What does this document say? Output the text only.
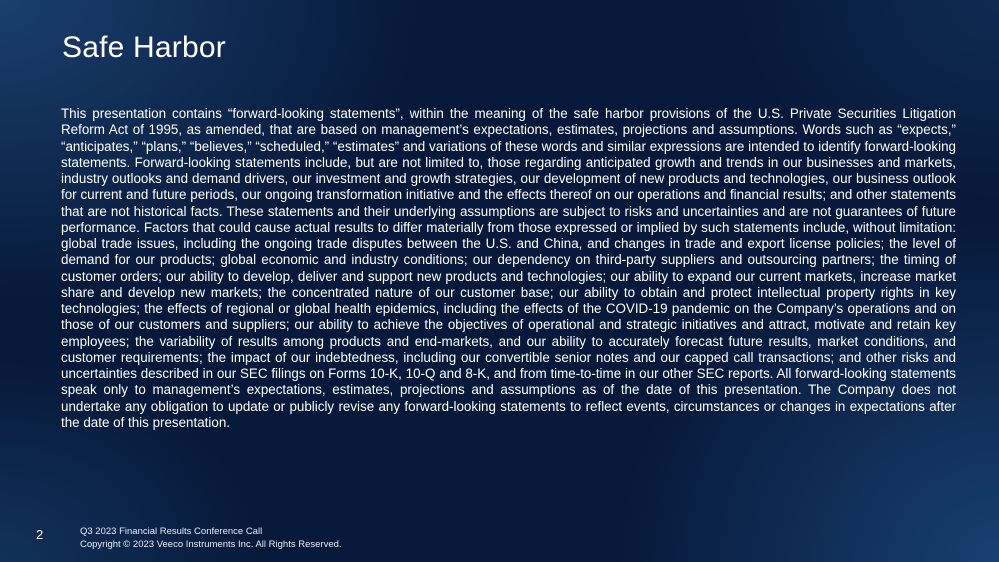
Safe Harbor

This presentation contains “forward-looking statements”, within the meaning of the safe harbor provisions of the U.S. Private Securities Litigation Reform Act of 1995, as amended, that are based on management’s expectations, estimates, projections and assumptions. Words such as “expects,” “anticipates,” “plans,” “believes,” “scheduled,” “estimates” and variations of these words and similar expressions are intended to identify forward-looking statements. Forward-looking statements include, but are not limited to, those regarding anticipated growth and trends in our businesses and markets, industry outlooks and demand drivers, our investment and growth strategies, our development of new products and technologies, our business outlook for current and future periods, our ongoing transformation initiative and the effects thereof on our operations and financial results; and other statements that are not historical facts. These statements and their underlying assumptions are subject to risks and uncertainties and are not guarantees of future performance. Factors that could cause actual results to differ materially from those expressed or implied by such statements include, without limitation: global trade issues, including the ongoing trade disputes between the U.S. and China, and changes in trade and export license policies; the level of demand for our products; global economic and industry conditions; our dependency on third-party suppliers and outsourcing partners; the timing of customer orders; our ability to develop, deliver and support new products and technologies; our ability to expand our current markets, increase market share and develop new markets; the concentrated nature of our customer base; our ability to obtain and protect intellectual property rights in key technologies; the effects of regional or global health epidemics, including the effects of the COVID-19 pandemic on the Company’s operations and on those of our customers and suppliers; our ability to achieve the objectives of operational and strategic initiatives and attract, motivate and retain key employees; the variability of results among products and end-markets, and our ability to accurately forecast future results, market conditions, and customer requirements; the impact of our indebtedness, including our convertible senior notes and our capped call transactions; and other risks and uncertainties described in our SEC filings on Forms 10-K, 10-Q and 8-K, and from time-to-time in our other SEC reports. All forward-looking statements speak only to management’s expectations, estimates, projections and assumptions as of the date of this presentation. The Company does not undertake any obligation to update or publicly revise any forward-looking statements to reflect events, circumstances or changes in expectations after the date of this presentation.

2	Q3 2023 Financial Results Conference Call
Copyright © 2023 Veeco Instruments Inc. All Rights Reserved.
